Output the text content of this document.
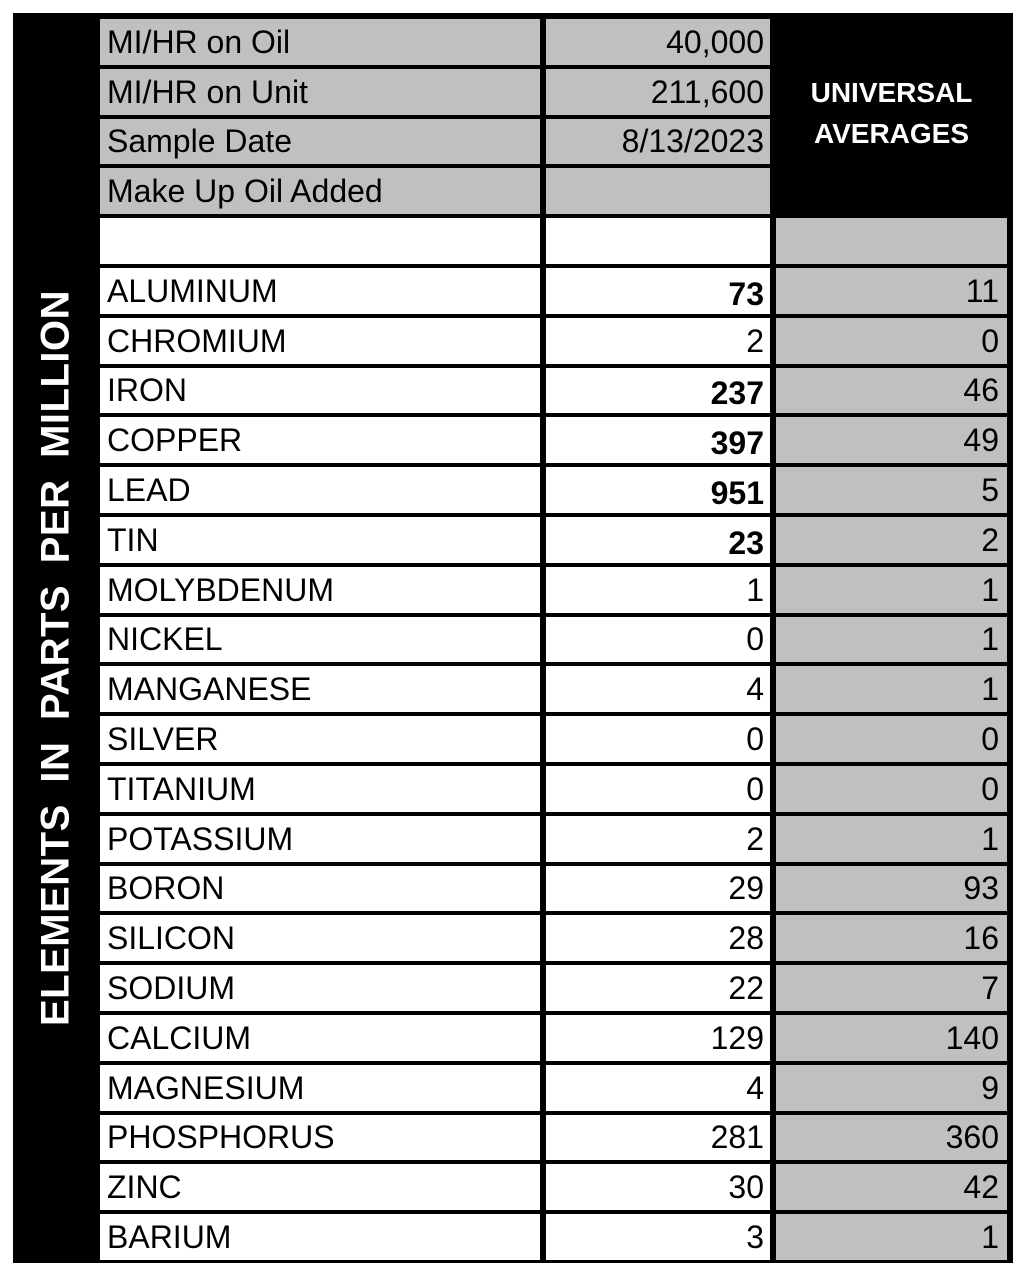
ELEMENTS IN PARTS PER MILLION
UNIVERSAL
AVERAGES
MI/HR on Oil	40,000
MI/HR on Unit	211,600
Sample Date	8/13/2023
Make Up Oil Added
ALUMINUM	73	11
CHROMIUM	2	0
IRON	237	46
COPPER	397	49
LEAD	951	5
TIN	23	2
MOLYBDENUM	1	1
NICKEL	0	1
MANGANESE	4	1
SILVER	0	0
TITANIUM	0	0
POTASSIUM	2	1
BORON	29	93
SILICON	28	16
SODIUM	22	7
CALCIUM	129	140
MAGNESIUM	4	9
PHOSPHORUS	281	360
ZINC	30	42
BARIUM	3	1
